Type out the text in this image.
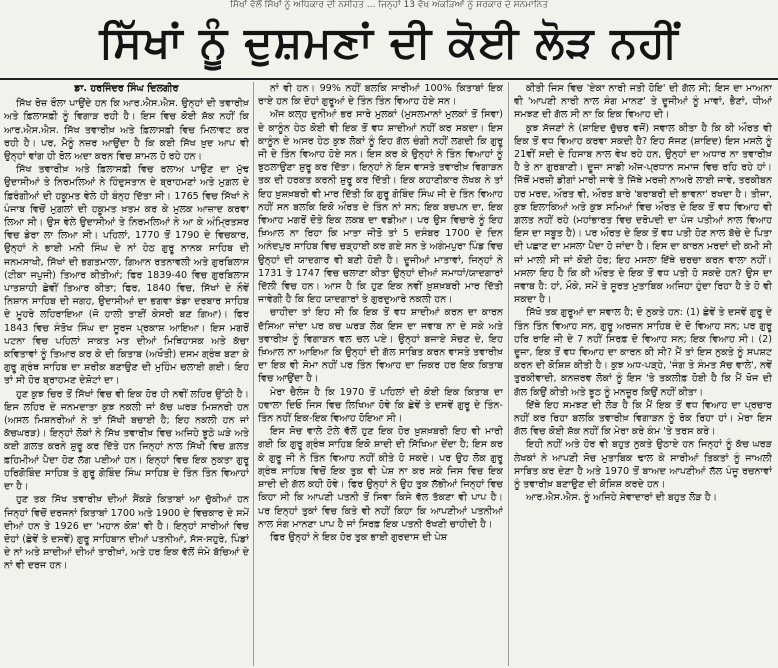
ਸਿੱਖਾਂ ਵੱਲੋਂ ਸਿੱਖਾਂ ਨੂੰ ਅਧਿਕਾਰ ਦੀ ਨਸੀਹਤ ... ਜਿਨ੍ਹਾਂ 13 ਵੱਖ ਅੰਕੜਿਆਂ ਨੂੰ ਸਰਕਾਰ ਦੇ ਸਨਮਾਨਿਤ
ਸਿੱਖਾਂ ਨੂੰ ਦੁਸ਼ਮਣਾਂ ਦੀ ਕੋਈ ਲੋੜ ਨਹੀਂ
ਡਾ. ਹਰਜਿੰਦਰ ਸਿੰਘ ਦਿਲਗੀਰ

ਸਿੱਖ ਰੋਜ਼ ਰੌਲਾ ਪਾਉਂਦੇ ਹਨ ਕਿ ਆਰ.ਐਸ.ਐਸ. ਉਨ੍ਹਾਂ ਦੀ ਤਵਾਰੀਖ਼ ਅਤੇ ਫ਼ਿਲਾਸਫ਼ੀ ਨੂੰ ਵਿਗਾੜ ਰਹੀ ਹੈ। ਇਸ ਵਿਚ ਕੋਈ ਸ਼ੱਕ ਨਹੀਂ ਕਿ ਆਰ.ਐਸ.ਐਸ. ਸਿੱਖ ਤਵਾਰੀਖ਼ ਅਤੇ ਫ਼ਿਲਾਸਫ਼ੀ ਵਿਚ ਮਿਲਾਵਟ ਕਰ ਰਹੀ ਹੈ। ਪਰ, ਮੈਨੂੰ ਨਜ਼ਰ ਆਉਂਦਾ ਹੈ ਕਿ ਕਈ ਸਿੱਖ ਖ਼ੁਦ ਆਪ ਵੀ ਉਨ੍ਹਾਂ ਵਾਂਗ ਹੀ ਰੋਲ ਅਦਾ ਕਰਨ ਵਿਚ ਸ਼ਾਮਲ ਹੋ ਰਹੇ ਹਨ।

ਸਿੱਖ ਤਵਾਰੀਖ਼ ਅਤੇ ਫ਼ਿਲਾਸਫ਼ੀ ਵਿਚ ਰਲਾਅ ਪਾਉਣ ਦਾ ਮੁੱਢ ਉਦਾਸੀਆਂ ਤੇ ਨਿਰਮਲਿਆਂ ਨੇ ਹਿੰਦੁਸਤਾਨ ਦੇ ਬ੍ਰਾਹਮਣਾਂ ਅਤੇ ਮੁਗ਼ਲ ਦੇ ਫ਼ਿਰੰਗੀਆਂ ਦੀ ਹਕੂਮਤ ਵੇਲੇ ਹੀ ਬੰਨ੍ਹ ਦਿੱਤਾ ਸੀ। 1765 ਵਿਚ ਸਿੱਖਾਂ ਨੇ ਪੰਜਾਬ ਵਿਚੋਂ ਮੁਗ਼ਲਾਂ ਦੀ ਹਕੂਮਤ ਖ਼ਤਮ ਕਰ ਕੇ ਮੁਲਕ ਆਜ਼ਾਦ ਕਰਵਾ ਲਿਆ ਸੀ। ਉਸ ਵੇਲੇ ਉਦਾਸੀਆਂ ਤੇ ਨਿਰਮਲਿਆਂ ਨੇ ਆ ਕੇ ਅੰਮ੍ਰਿਤਸਰ ਵਿਚ ਡੇਰਾ ਲਾ ਲਿਆ ਸੀ। ਪਹਿਲਾਂ, 1770 ਤੋਂ 1790 ਦੇ ਵਿਚਕਾਰ, ਉਨ੍ਹਾਂ ਨੇ ਭਾਈ ਮਨੀ ਸਿੰਘ ਦੇ ਨਾਂ ਹੇਠ ਗੁਰੂ ਨਾਨਕ ਸਾਹਿਬ ਦੀ ਜਨਮਸਾਖੀ, ਸਿੱਖਾਂ ਦੀ ਭਗਤਮਾਲਾ, ਗਿਆਨ ਰਤਨਾਵਲੀ ਅਤੇ ਗੁਰਬਿਲਾਸ (ਟੀਕਾ ਜਪੁਜੀ) ਤਿਆਰ ਕੀਤੀਆਂ; ਫਿਰ 1839-40 ਵਿਚ ਗੁਰਬਿਲਾਸ ਪਾਤਸ਼ਾਹੀ ਛੇਵੀਂ ਤਿਆਰ ਕੀਤਾ; ਫਿਰ, 1840 ਵਿਚ, ਸਿੱਖਾਂ ਦੇ ਨੌਵੇਂ ਨਿਸ਼ਾਨ ਸਾਹਿਬ ਦੀ ਜਗਹ, ਉਦਾਸੀਆਂ ਦਾ ਭਗਵਾ ਝੰਡਾ ਦਰਬਾਰ ਸਾਹਿਬ ਦੇ ਮੂਹਰੇ ਲਹਿਰਾਇਆ (ਜੋ ਹਾਲੀ ਤਾਈਂ ਕੇਸਰੀ ਬਣ ਗਿਆ)। ਫਿਰ 1843 ਵਿਚ ਸੰਤੋਖ ਸਿੰਘ ਦਾ ਸੂਰਜ ਪ੍ਰਕਾਸ਼ ਆਇਆ। ਇਸ ਮਗਰੋਂ ਪਟਨਾ ਵਿਚ ਪਹਿਲਾਂ ਸਾਕਤ ਮਤ ਦੀਆਂ ਮਿਥਿਹਾਸਕ ਅਤੇ ਕੱਚਾ ਕਵਿਤਾਵਾਂ ਨੂੰ ਤਿਆਰ ਕਰ ਕੇ ਦੀ ਕਿਤਾਬ (ਅਖੌਤੀ) ਦਸਮ ਗ੍ਰੰਥ ਬਣਾ ਕੇ ਗੁਰੂ ਗ੍ਰੰਥ ਸਾਹਿਬ ਦਾ ਸ਼ਰੀਕ ਬਣਾਉਣ ਦੀ ਮੁਹਿੰਮ ਚਲਾਈ ਗਈ। ਇਹ ਤਾਂ ਸੀ ਹੋਰ ਬ੍ਰਾਹਮਣ ਦੇਸ਼ੋਟਾਂ ਦਾ।

ਹੁਣ ਕੁਝ ਚਿਰ ਤੋਂ ਸਿੱਖਾਂ ਵਿਚ ਵੀ ਇਕ ਹੋਰ ਹੀ ਨਵੀਂ ਲਹਿਰ ਉੱਠੀ ਹੈ। ਇਸ ਲਹਿਰ ਦੇ ਜਨਮਦਾਤਾ ਕੁਝ ਨਕਲੀ ਜਾਂ ਕੱਚ ਘਰੜ ਮਿਸ਼ਨਰੀ ਹਨ (ਅਸਲ ਮਿਸ਼ਨਰੀਆਂ ਨੇ ਤਾਂ ਸਿੱਖੀ ਬਚਾਈ ਹੈ; ਇਹ ਨਕਲੀ ਹਨ ਜਾਂ ਕੱਚਘਰੜ)। ਇਨ੍ਹਾਂ ਲੋਕਾਂ ਨੇ ਸਿੱਖ ਤਵਾਰੀਖ਼ ਵਿਚ ਅਜਿਹੇ ਝੂਠੇ ਘੜੇ ਅਤੇ ਕਈ ਗ਼ਲਤ ਕਰਨੇ ਸ਼ੁਰੂ ਕਰ ਦਿੱਤੇ ਹਨ ਜਿਨ੍ਹਾਂ ਨਾਲ ਸਿੱਖੀ ਵਿਚ ਗ਼ਲਤ ਫ਼ਹਿਮੀਆਂ ਪੈਦਾ ਹੋਣ ਲੱਗ ਪਈਆਂ ਹਨ। ਇਨ੍ਹਾਂ ਵਿਚ ਇਕ ਨੁਕਤਾ ਗੁਰੂ ਹਰਿਗੋਬਿੰਦ ਸਾਹਿਬ ਤੇ ਗੁਰੂ ਗੋਬਿੰਦ ਸਿੰਘ ਸਾਹਿਬ ਦੇ ਤਿੰਨ ਤਿੰਨ ਵਿਆਹਾਂ ਦਾ ਹੈ।

ਹੁਣ ਤਕ ਸਿੱਖ ਤਵਾਰੀਖ਼ ਦੀਆਂ ਸੈਂਕੜੇ ਕਿਤਾਬਾਂ ਆ ਚੁੱਕੀਆਂ ਹਨ ਜਿਨ੍ਹਾਂ ਵਿਚੋਂ ਦਰਜਨਾਂ ਕਿਤਾਬਾਂ 1700 ਅਤੇ 1900 ਦੇ ਵਿਚਕਾਰ ਦੇ ਸਮੇਂ ਦੀਆਂ ਹਨ ਤੇ 1926 ਦਾ 'ਮਹਾਨ ਕੋਸ਼' ਵੀ ਹੈ। ਇਨ੍ਹਾਂ ਸਾਰੀਆਂ ਵਿਚ ਦੋਹਾਂ (ਛੇਵੇਂ ਤੇ ਦਸਵੇਂ) ਗੁਰੂ ਸਾਹਿਬਾਨ ਦੀਆਂ ਪਤਨੀਆਂ, ਸੱਸ-ਸਹੁਰੇ, ਪਿੰਡਾਂ ਦੇ ਨਾਂ ਅਤੇ ਸ਼ਾਦੀਆਂ ਦੀਆਂ ਤਾਰੀਖ਼ਾਂ, ਅਤੇ ਹਰ ਇਕ ਵੱਲੋਂ ਜੰਮੇ ਬੱਚਿਆਂ ਦੇ ਨਾਂ ਵੀ ਦਰਜ ਹਨ।

ਨਾਂ ਵੀ ਹਨ। 99% ਨਹੀਂ ਬਲਕਿ ਸਾਰੀਆਂ 100% ਕਿਤਾਬਾਂ ਇਕ ਰਾਏ ਹਨ ਕਿ ਦੋਹਾਂ ਗੁਰੂਆਂ ਦੇ ਤਿੰਨ ਤਿੰਨ ਵਿਆਹ ਹੋਏ ਸਨ।

ਅੱਜ ਕਲ੍ਹ ਦੁਨੀਆਂ ਭਰ ਸਾਰੇ ਮੁਲਕਾਂ (ਮੁਸਲਮਾਨਾਂ ਮੁਲਕਾਂ ਤੋਂ ਸਿਵਾ) ਦੇ ਕਾਨੂੰਨ ਹੇਠ ਕੋਈ ਵੀ ਇਕ ਤੋਂ ਵਧ ਸ਼ਾਦੀਆਂ ਨਹੀਂ ਕਰ ਸਕਦਾ। ਇਸ ਕਾਨੂੰਨ ਦੇ ਅਸਰ ਹੇਠ ਕੁਝ ਲੋਕਾਂ ਨੂੰ ਇਹ ਗੱਲ ਚੰਗੀ ਨਹੀਂ ਲਗਦੀ ਕਿ ਗੁਰੂ ਜੀ ਦੇ ਤਿੰਨ ਵਿਆਹ ਹੋਏ ਸਨ। ਇਸ ਕਰ ਕੇ ਉਨ੍ਹਾਂ ਨੇ ਤਿੰਨ ਵਿਆਹਾਂ ਨੂੰ ਝੁਠਲਾਉਣਾ ਸ਼ੁਰੂ ਕਰ ਦਿੱਤਾ। ਇਨ੍ਹਾਂ ਨੇ ਇਸ ਵਾਸਤੇ ਤਵਾਰੀਖ਼ ਵਿਗਾੜਨ ਤਕ ਦੀ ਹਰਕਤ ਕਰਨੀ ਸ਼ੁਰੂ ਕਰ ਦਿੱਤੀ। ਇਕ ਕਹਾਣੀਕਾਰ ਲੇਖਕ ਨੇ ਤਾਂ ਇਹ ਖ਼ੁਸ਼ਖ਼ਬਰੀ ਵੀ ਮਾਰ ਦਿੱਤੀ ਕਿ ਗੁਰੂ ਗੋਬਿੰਦ ਸਿੰਘ ਜੀ ਦੇ ਤਿੰਨ ਵਿਆਹ ਨਹੀਂ ਸਨ ਬਲਕਿ ਇਕੋ ਔਰਤ ਦੇ ਤਿੰਨ ਨਾਂ ਸਨ; ਇਕ ਬਚਪਨ ਦਾ, ਇਕ ਵਿਆਹ ਮਗਰੋਂ ਦੋਤੇ ਇਕ ਲਕਬ ਦਾ ਵਡੀਆ। ਪਰ ਉਸ ਵਿਚਾਰੇ ਨੂੰ ਇਹ ਖ਼ਿਆਲ ਨਾ ਰਿਹਾ ਕਿ ਮਾਤਾ ਜੀਤੋ ਤਾਂ 5 ਦਸੰਬਰ 1700 ਦੇ ਦਿਨ ਅਨੰਦਪੁਰ ਸਾਹਿਬ ਵਿਚ ਚੜ੍ਹਾਈ ਕਰ ਗਏ ਸਨ ਤੇ ਅਗੰਮਪੁਰਾ ਪਿੰਡ ਵਿਚ ਉਨ੍ਹਾਂ ਦੀ ਯਾਦਗਾਰ ਵੀ ਬਣੀ ਹੋਈ ਹੈ। ਦੂਜੀਆਂ ਮਾਤਾਵਾਂ, ਜਿਨ੍ਹਾਂ ਨੇ 1731 ਤੇ 1747 ਵਿਚ ਚਲਾਣਾ ਕੀਤਾ ਉਨ੍ਹਾਂ ਦੀਆਂ ਸਮਾਧਾਂ/ਯਾਦਗਾਰਾਂ ਦਿੱਲੀ ਵਿਚ ਹਨ। ਆਸ ਹੈ ਕਿ ਹੁਣ ਇਕ ਨਵੀਂ ਖ਼ੁਸ਼ਖ਼ਬਰੀ ਮਾਰ ਦਿੱਤੀ ਜਾਵੇਗੀ ਹੈ ਕਿ ਇਹ ਯਾਦਗਾਰਾਂ ਤੇ ਗੁਰਦੁਆਰੇ ਨਕਲੀ ਹਨ।

ਚਾਹੀਦਾ ਤਾਂ ਇਹ ਸੀ ਕਿ ਇਕ ਤੋਂ ਵਧ ਸ਼ਾਦੀਆਂ ਕਰਨ ਦਾ ਕਾਰਨ ਦੱਸਿਆ ਜਾਂਦਾ ਪਰ ਕਚ ਘਰੜ ਲੋਕ ਇਸ ਦਾ ਜਵਾਬ ਨਾ ਦੇ ਸਕੇ ਅਤੇ ਤਵਾਰੀਖ਼ ਨੂੰ ਵਿਗਾੜਨ ਵਲ ਚਲ ਪਏ। ਉਨ੍ਹਾਂ ਬਜਾਏ ਸੋਚਣ ਦੇ, ਇਹ ਖ਼ਿਆਲ ਨਾ ਆਇਆ ਕਿ ਉਨ੍ਹਾਂ ਦੀ ਗੱਲ ਸਾਬਿਤ ਕਰਨ ਵਾਸਤੇ ਤਵਾਰੀਖ਼ ਦਾ ਇਕ ਵੀ ਸੋਮਾ ਨਹੀਂ ਪਰ ਤਿੰਨ ਵਿਆਹ ਦਾ ਜ਼ਿਕਰ ਹਰ ਇਕ ਕਿਤਾਬ ਵਿਚ ਆਉਂਦਾ ਹੈ।

ਮੇਰਾ ਚੈਲੰਜ ਹੈ ਕਿ 1970 ਤੋਂ ਪਹਿਲਾਂ ਦੀ ਕੋਈ ਇਕ ਕਿਤਾਬ ਦਾ ਹਵਾਲਾ ਦਿਓ ਜਿਸ ਵਿਚ ਲਿਖਿਆ ਹੋਵੇ ਕਿ ਛੇਵੇਂ ਤੇ ਦਸਵੇਂ ਗੁਰੂ ਦੇ ਤਿੰਨ-ਤਿੰਨ ਨਹੀਂ ਇਕ-ਇਕ ਵਿਆਹ ਹੋਇਆ ਸੀ।

ਇਸ ਸੋਚ ਵਾਲੇ ਟੋਲੇ ਵੱਲੋਂ ਹੁਣ ਇਕ ਹੋਰ ਖ਼ੁਸ਼ਖ਼ਬਰੀ ਇਹ ਵੀ ਮਾਰੀ ਗਈ ਕਿ ਗੁਰੂ ਗ੍ਰੰਥ ਸਾਹਿਬ ਇਕੋ ਸ਼ਾਦੀ ਦੀ ਸਿੱਖਿਆ ਦੇਂਦਾ ਹੈ; ਇਸ ਕਰ ਕੇ ਗੁਰੂ ਜੀ ਨੇ ਤਿੰਨ ਵਿਆਹ ਨਹੀਂ ਕੀਤੇ ਹੋ ਸਕਦੇ। ਪਰ ਉਹ ਲੋਕ ਗੁਰੂ ਗ੍ਰੰਥ ਸਾਹਿਬ ਵਿਚੋਂ ਇਕ ਤੁਕ ਵੀ ਪੇਸ਼ ਨਾ ਕਰ ਸਕੇ ਜਿਸ ਵਿਚ ਇਕ ਸ਼ਾਦੀ ਦੀ ਗੱਲ ਕਹੀ ਹੋਵੇ। ਫਿਰ ਉਨ੍ਹਾਂ ਨੇ ਉਹ ਤੁਕ ਲੱਭੀਆਂ ਜਿਨ੍ਹਾਂ ਵਿਚ ਕਿਹਾ ਸੀ ਕਿ ਆਪਣੀ ਪਤਨੀ ਤੋਂ ਸਿਵਾ ਕਿਸੇ ਵੱਲ ਤੱਕਣਾ ਵੀ ਪਾਪ ਹੈ। ਪਰ ਇਨ੍ਹਾਂ ਤੁਕਾਂ ਵਿਚ ਕਿਤੇ ਵੀ ਨਹੀਂ ਕਿਹਾ ਕਿ ਆਪਣੀਆਂ ਪਤਨੀਆਂ ਨਾਲ ਸੰਗ ਮਾਨਣਾ ਪਾਪ ਹੈ ਜਾਂ ਸਿਰਫ਼ ਇਕ ਪਤਨੀ ਰੱਖਣੀ ਚਾਹੀਦੀ ਹੈ।

ਫਿਰ ਉਨ੍ਹਾਂ ਨੇ ਇਕ ਹੋਰ ਤੁਕ ਭਾਈ ਗੁਰਦਾਸ ਦੀ ਪੇਸ਼

ਕੀਤੀ ਜਿਸ ਵਿਚ 'ਏਕਾ ਨਾਰੀ ਜਤੀ ਹੋਇ' ਦੀ ਗੱਲ ਸੀ; ਇਸ ਦਾ ਮਾਅਨਾ ਵੀ 'ਆਪਣੀ ਨਾਰੀ ਨਾਲ ਸੰਗ ਮਾਨਣ' ਤੇ ਦੂਜੀਆਂ ਨੂੰ ਮਾਵਾਂ, ਭੈਣਾਂ, ਧੀਆਂ ਸਮਝਣ ਦੀ ਗੱਲ ਸੀ ਨਾ ਕਿ ਇਕ ਵਿਆਹ ਦੀ।

ਕੁਝ ਸੱਜਣਾਂ ਨੇ (ਸ਼ਾਇਦ ਚੁੱਚਰ ਵਜੋਂ) ਸਵਾਲ ਕੀਤਾ ਹੈ ਕਿ ਕੀ ਔਰਤ ਵੀ ਇਕ ਤੋਂ ਵਧ ਵਿਆਹ ਕਰਵਾ ਸਕਦੀ ਹੈ? ਇਹ ਸੱਜਣ (ਸ਼ਾਇਦ) ਇਸ ਮਸਲੇ ਨੂੰ 21ਵੀਂ ਸਦੀ ਦੇ ਹਿਸਾਬ ਨਾਲ ਵੇਖ ਰਹੇ ਹਨ, ਉਨ੍ਹਾਂ ਦਾ ਅਧਾਰ ਨਾ ਤਵਾਰੀਖ਼ ਹੈ ਤੇ ਨਾ ਗੁਰਬਾਣੀ। ਦੂਜਾ ਸਾਡੀ ਅੱਜ-ਪ੍ਰਧਾਨ ਸਮਾਜ ਵਿਚ ਰਹਿ ਰਹੇ ਹਾਂ। ਜਿੱਥੋਂ ਮਰਜ਼ੀ ਡੀਗਾਂ ਮਾਰੀ ਜਾਵੇ ਤੇ ਜਿੱਥੇ ਮਰਜ਼ੀ ਨਾਅਰੇ ਲਾਈ ਜਾਵੇ, ਤਰਕੀਬਨ ਹਰ ਮਰਦ, ਔਰਤ ਵੀ, ਔਰਤ ਬਾਰੇ 'ਬਰਾਬਰੀ ਦੀ ਭਾਵਨਾ' ਰਖਦਾ ਹੈ। ਤੀਜਾ, ਕੁਝ ਇਲਾਕਿਆਂ ਅਤੇ ਕੁਝ ਸਮਿਆਂ ਵਿਚ ਔਰਤ ਦੇ ਇਕ ਤੋਂ ਵਧ ਵਿਆਹ ਵੀ ਗ਼ਲਤ ਨਹੀਂ ਰਹੇ (ਮਹਾਂਭਾਰਤ ਵਿਚ ਦਰੋਪਦੀ ਦਾ ਪੰਜ ਪਤੀਆਂ ਨਾਲ ਵਿਆਹ ਇਸ ਦਾ ਸਬੂਤ ਹੈ)। ਪਰ ਔਰਤ ਦੇ ਇਕ ਤੋਂ ਵਧ ਪਤੀ ਹੋਣ ਨਾਲ ਬੱਚੇ ਦੇ ਪਿਤਾ ਦੀ ਪਛਾਣ ਦਾ ਮਸਲਾ ਪੈਦਾ ਹੋ ਜਾਂਦਾ ਹੈ। ਇਸ ਦਾ ਕਾਰਨ ਮਰਦਾਂ ਦੀ ਕਮੀ ਸੀ ਜਾਂ ਮਾਲੀ ਸੀ ਜਾਂ ਕੋਈ ਹੋਰ; ਇਹ ਮਸਲਾ ਇੱਥੇ ਚਰਚਾ ਕਰਨ ਵਾਲਾ ਨਹੀਂ। ਮਸਲਾ ਇਹ ਹੈ ਕਿ ਕੀ ਔਰਤ ਦੇ ਇਕ ਤੋਂ ਵਧ ਪਤੀ ਹੋ ਸਕਦੇ ਹਨ? ਉਸ ਦਾ ਜਵਾਬ ਹੈ: ਹਾਂ, ਮੌਕੇ, ਸਮੇਂ ਤੇ ਸੂਰਤ ਮੁਤਾਬਿਕ ਅਜਿਹਾ ਹੁੰਦਾ ਰਿਹਾ ਹੈ ਤੇ ਹੋ ਵੀ ਸਕਦਾ ਹੈ।

ਸਿੱਖੋ ਤਕ ਗੁਰੂਆਂ ਦਾ ਸਵਾਲ ਹੈ; ਦੋ ਨੁਕਤੇ ਹਨ: (1) ਛੇਵੇਂ ਤੇ ਦਸਵੇਂ ਗੁਰੂ ਦੇ ਤਿੰਨ ਤਿੰਨ ਵਿਆਹ ਸਨ, ਗੁਰੂ ਅਰਜਨ ਸਾਹਿਬ ਦੇ ਦੋ ਵਿਆਹ ਸਨ; ਪਰ ਗੁਰੂ ਹਰਿ ਰਾਇ ਜੀ ਦੇ 7 ਨਹੀਂ ਸਿਰਫ਼ ਦੋ ਵਿਆਹ ਸਨ; ਇਕ ਵਿਆਹ ਸੀ। (2) ਦੂਜਾ, ਇਕ ਤੋਂ ਵਧ ਵਿਆਹ ਦਾ ਕਾਰਨ ਕੀ ਸੀ? ਮੈਂ ਤਾਂ ਇਸ ਨੁਕਤੇ ਨੂੰ ਸਪਸ਼ਟ ਕਰਨ ਦੀ ਕੋਸ਼ਿਸ਼ ਕੀਤੀ ਹੈ। ਕੁਝ ਅਧ-ਪੜ੍ਹੇ, 'ਜੰਗ ਤੇ ਸੰਮਤ ਸੱਚ ਵਾਲੇ', ਨਵੇਂ ਤੁਰਕੀਵਾਦੀ, ਕਨਜ਼ਰਵ ਲੋਕਾਂ ਨੂੰ ਇਸ 'ਤੇ ਤਕਲੀਫ਼ ਹੋਈ ਹੈ ਕਿ ਮੈਂ ਖੋਜ ਦੀ ਗੱਲ ਕਿਉਂ ਕੀਤੀ ਅਤੇ ਝੂਠ ਨੂੰ ਮਨਜ਼ੂਰ ਕਿਉਂ ਨਹੀਂ ਕੀਤਾ।

ਇੱਥੇ ਇਹ ਸਮਝਣ ਦੀ ਲੋੜ ਹੈ ਕਿ ਮੈਂ ਇਕ ਤੋਂ ਵਧ ਵਿਆਹ ਦਾ ਪ੍ਰਚਾਰ ਨਹੀਂ ਕਰ ਰਿਹਾ ਬਲਕਿ ਤਵਾਰੀਖ਼ ਵਿਗਾੜਨ ਨੂੰ ਰੋਕ ਰਿਹਾ ਹਾਂ। ਮੇਰਾ ਇਸ ਗੱਲ ਵਿਚ ਕੋਈ ਸ਼ੱਕ ਨਹੀਂ ਕਿ ਮੇਰਾ ਕਰੇ ਕੰਮ 'ਤੇ ਤਰਸ ਕਰੇ।

ਇਹੀ ਨਹੀਂ ਅਤੇ ਹੋਰ ਵੀ ਬਹੁਤ ਨੁਕਤੇ ਉਠਾਏ ਹਨ ਜਿਨ੍ਹਾਂ ਨੂੰ ਕੱਚ ਘਰੜ ਲੇਖਕਾਂ ਨੇ ਆਪਣੀ ਸੋਚ ਮੁਤਾਬਿਕ ਢਾਲ ਕੇ ਸਾਰੀਆਂ ਤਿਕਤਾਂ ਨੂੰ ਜਾਅਲੀ ਸਾਬਿਤ ਕਰ ਦੇਣਾ ਹੈ ਅਤੇ 1970 ਤੋਂ ਬਾਅਦ ਆਪਣੀਆਂ ਲੱਲ ਪੰਜੂ ਰਚਨਾਵਾਂ ਨੂੰ ਤਵਾਰੀਖ਼ ਬਣਾਉਣ ਦੀ ਕੋਸ਼ਿਸ਼ ਕਰਦੇ ਹਨ।

ਆਰ.ਐਸ.ਐਸ. ਨੂੰ ਅਜਿਹੇ ਸੇਵਾਦਾਰਾਂ ਦੀ ਬਹੁਤ ਲੋੜ ਹੈ।
